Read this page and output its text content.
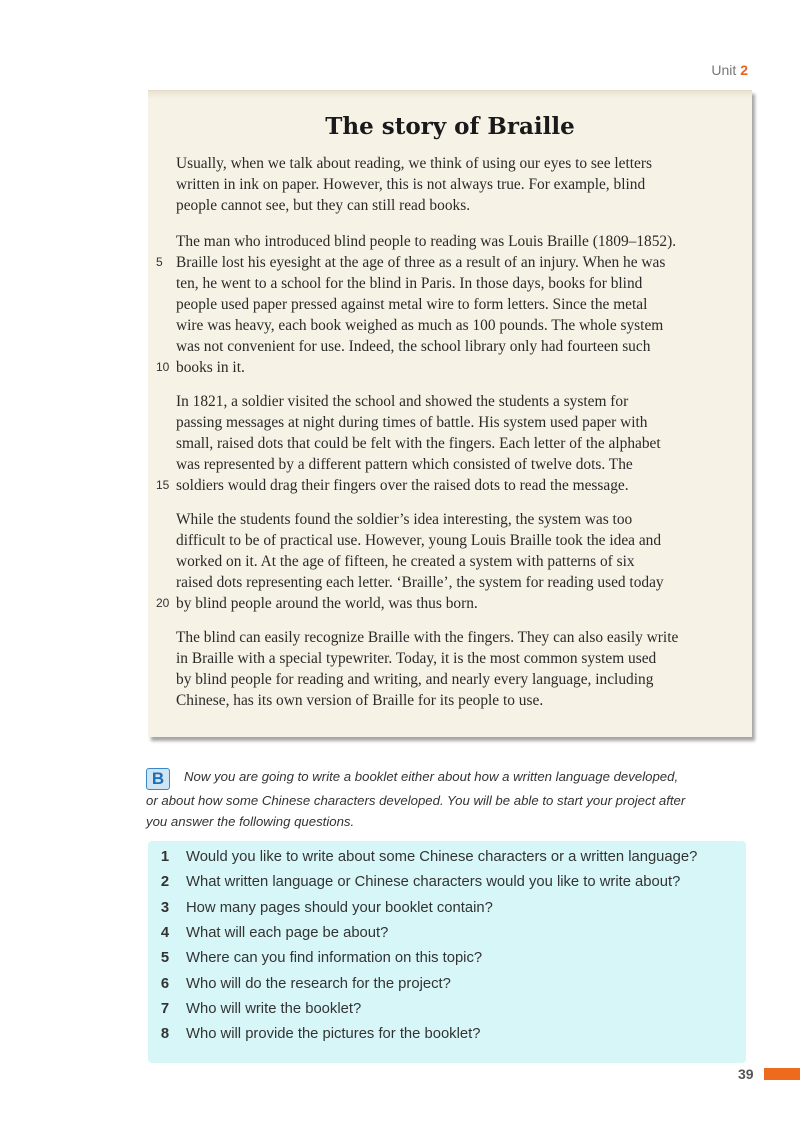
Unit 2
The story of Braille
Usually, when we talk about reading, we think of using our eyes to see letters
written in ink on paper. However, this is not always true. For example, blind
people cannot see, but they can still read books.
The man who introduced blind people to reading was Louis Braille (1809–1852).
5 Braille lost his eyesight at the age of three as a result of an injury. When he was
ten, he went to a school for the blind in Paris. In those days, books for blind
people used paper pressed against metal wire to form letters. Since the metal
wire was heavy, each book weighed as much as 100 pounds. The whole system
was not convenient for use. Indeed, the school library only had fourteen such
10 books in it.
In 1821, a soldier visited the school and showed the students a system for
passing messages at night during times of battle. His system used paper with
small, raised dots that could be felt with the fingers. Each letter of the alphabet
was represented by a different pattern which consisted of twelve dots. The
15 soldiers would drag their fingers over the raised dots to read the message.
While the students found the soldier’s idea interesting, the system was too
difficult to be of practical use. However, young Louis Braille took the idea and
worked on it. At the age of fifteen, he created a system with patterns of six
raised dots representing each letter. ‘Braille’, the system for reading used today
20 by blind people around the world, was thus born.
The blind can easily recognize Braille with the fingers. They can also easily write
in Braille with a special typewriter. Today, it is the most common system used
by blind people for reading and writing, and nearly every language, including
Chinese, has its own version of Braille for its people to use.
B Now you are going to write a booklet either about how a written language developed,
or about how some Chinese characters developed. You will be able to start your project after
you answer the following questions.
1 Would you like to write about some Chinese characters or a written language?
2 What written language or Chinese characters would you like to write about?
3 How many pages should your booklet contain?
4 What will each page be about?
5 Where can you find information on this topic?
6 Who will do the research for the project?
7 Who will write the booklet?
8 Who will provide the pictures for the booklet?
39
